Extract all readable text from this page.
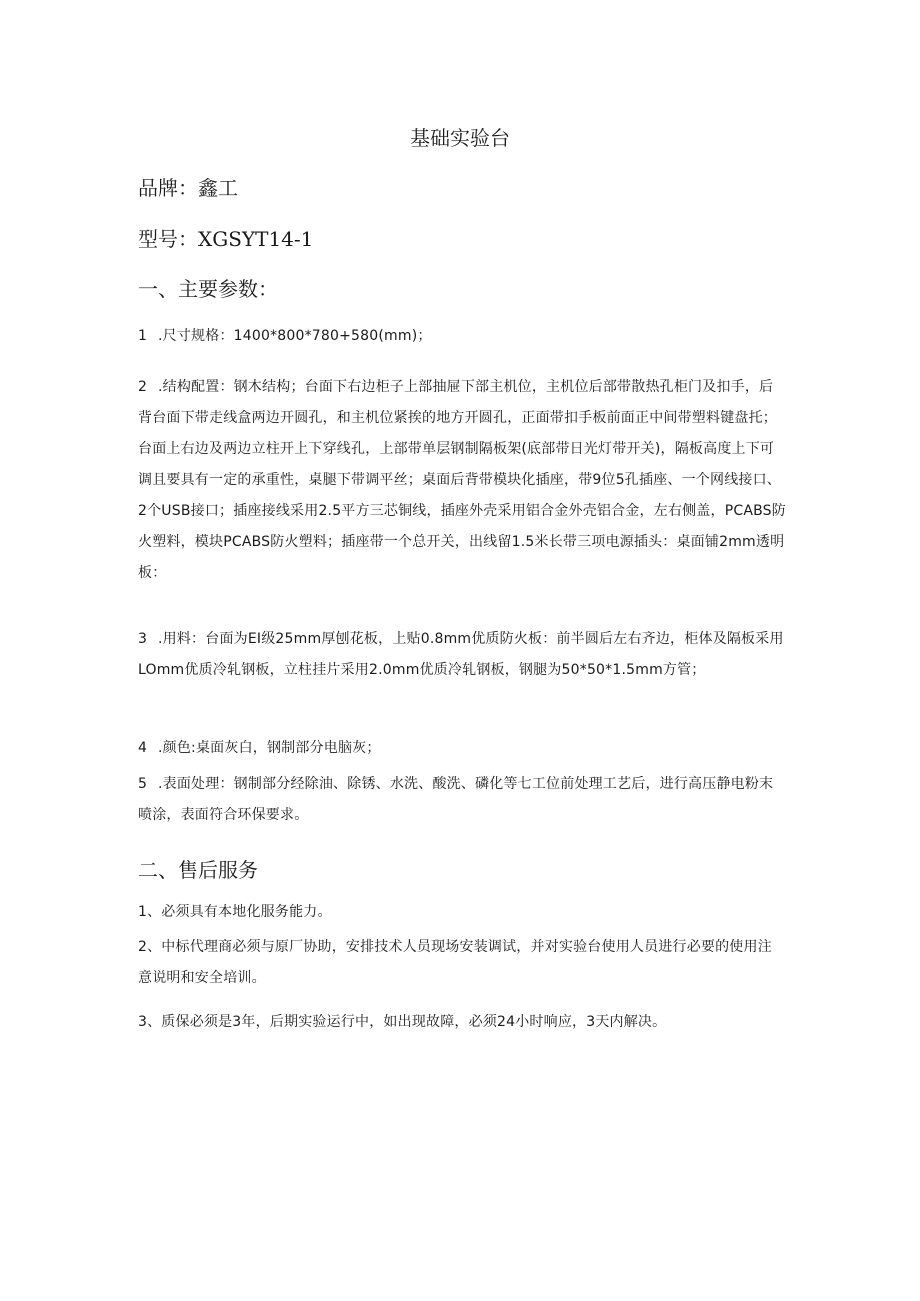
基础实验台
品牌：鑫工
型号：XGSYT14-1
一、主要参数：

1 .尺寸规格：1400*800*780+580(mm)；

2 .结构配置：钢木结构；台面下右边柜子上部抽屉下部主机位，主机位后部带散热孔柜门及扣手，后背台面下带走线盒两边开圆孔，和主机位紧挨的地方开圆孔，正面带扣手板前面正中间带塑料键盘托；台面上右边及两边立柱开上下穿线孔，上部带单层钢制隔板架(底部带日光灯带开关)，隔板高度上下可调且要具有一定的承重性，桌腿下带调平丝；桌面后背带模块化插座，带9位5孔插座、一个网线接口、2个USB接口；插座接线采用2.5平方三芯铜线，插座外壳采用铝合金外壳铝合金，左右侧盖，PCABS防火塑料，模块PCABS防火塑料；插座带一个总开关，出线留1.5米长带三项电源插头：桌面铺2mm透明板：

3 .用料：台面为EI级25mm厚刨花板，上贴0.8mm优质防火板：前半圆后左右齐边，柜体及隔板采用LOmm优质冷轧钢板，立柱挂片采用2.0mm优质冷轧钢板，钢腿为50*50*1.5mm方管；

4 .颜色:桌面灰白，钢制部分电脑灰；

5 .表面处理：钢制部分经除油、除锈、水洗、酸洗、磷化等七工位前处理工艺后，进行高压静电粉末喷涂，表面符合环保要求。

二、售后服务

1、必须具有本地化服务能力。

2、中标代理商必须与原厂协助，安排技术人员现场安装调试，并对实验台使用人员进行必要的使用注意说明和安全培训。

3、质保必须是3年，后期实验运行中，如出现故障，必须24小时响应，3天内解决。
